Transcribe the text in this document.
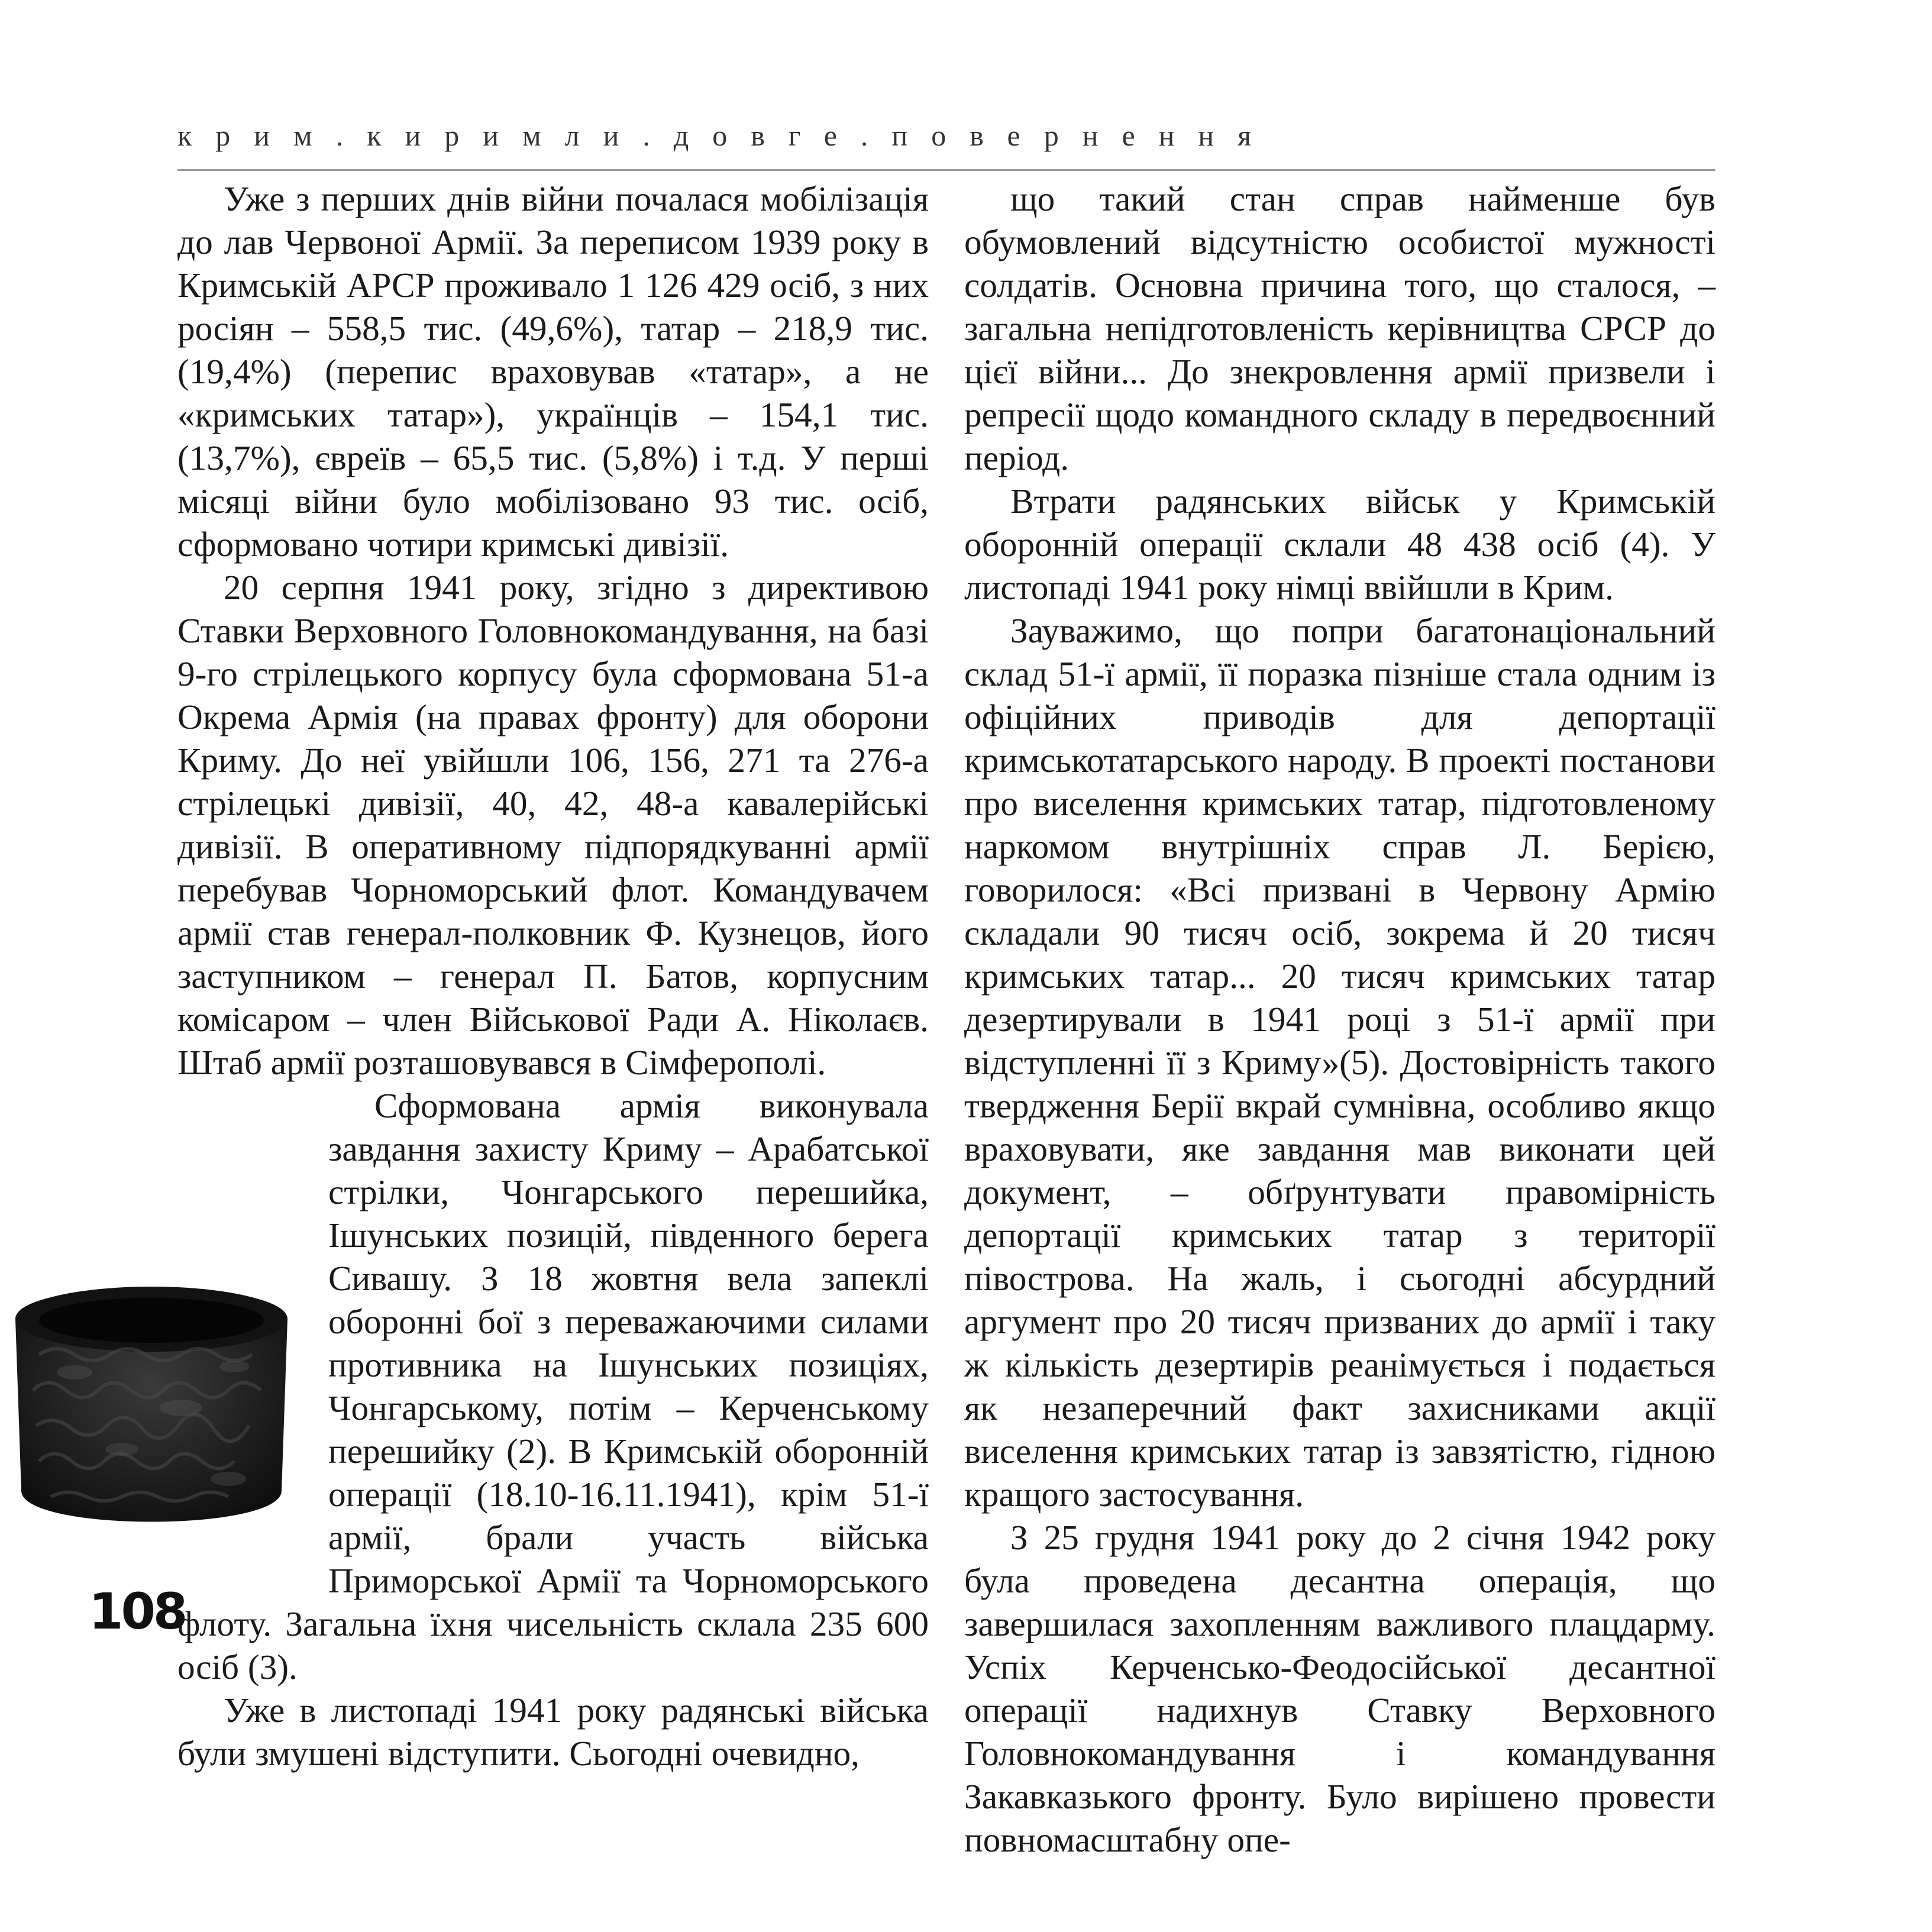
крим.киримли.довге.повернення

Уже з перших днів війни почалася мобілізація до лав Червоної Армії. За переписом 1939 року в Кримській АРСР проживало 1 126 429 осіб, з них росіян – 558,5 тис. (49,6%), татар – 218,9 тис. (19,4%) (перепис враховував «татар», а не «кримських татар»), українців – 154,1 тис. (13,7%), євреїв – 65,5 тис. (5,8%) і т.д. У перші місяці війни було мобілізовано 93 тис. осіб, сформовано чотири кримські дивізії.

20 серпня 1941 року, згідно з директивою Ставки Верховного Головнокомандування, на базі 9-го стрілецького корпусу була сформована 51-а Окрема Армія (на правах фронту) для оборони Криму. До неї увійшли 106, 156, 271 та 276-а стрілецькі дивізії, 40, 42, 48-а кавалерійські дивізії. В оперативному підпорядкуванні армії перебував Чорноморський флот. Командувачем армії став генерал-полковник Ф. Кузнецов, його заступником – генерал П. Батов, корпусним комісаром – член Військової Ради А. Ніколаєв. Штаб армії розташовувався в Сімферополі.

Сформована армія виконувала завдання захисту Криму – Арабатської стрілки, Чонгарського перешийка, Ішунських позицій, південного берега Сивашу. З 18 жовтня вела запеклі оборонні бої з переважаючими силами противника на Ішунських позиціях, Чонгарському, потім – Керченському перешийку (2). В Кримській оборонній операції (18.10-16.11.1941), крім 51-ї армії, брали участь війська Приморської Армії та Чорноморського флоту. Загальна їхня чисельність склала 235 600 осіб (3).

Уже в листопаді 1941 року радянські війська були змушені відступити. Сьогодні очевидно,

що такий стан справ найменше був обумовлений відсутністю особистої мужності солдатів. Основна причина того, що сталося, – загальна непідготовленість керівництва СРСР до цієї війни... До знекровлення армії призвели і репресії щодо командного складу в передвоєнний період.

Втрати радянських військ у Кримській оборонній операції склали 48 438 осіб (4). У листопаді 1941 року німці ввійшли в Крим.

Зауважимо, що попри багатонаціональний склад 51-ї армії, її поразка пізніше стала одним із офіційних приводів для депортації кримськотатарського народу. В проекті постанови про виселення кримських татар, підготовленому наркомом внутрішніх справ Л. Берією, говорилося: «Всі призвані в Червону Армію складали 90 тисяч осіб, зокрема й 20 тисяч кримських татар... 20 тисяч кримських татар дезертирували в 1941 році з 51-ї армії при відступленні її з Криму»(5). Достовірність такого твердження Берії вкрай сумнівна, особливо якщо враховувати, яке завдання мав виконати цей документ, – обґрунтувати правомірність депортації кримських татар з території півострова. На жаль, і сьогодні абсурдний аргумент про 20 тисяч призваних до армії і таку ж кількість дезертирів реанімується і подається як незаперечний факт захисниками акції виселення кримських татар із завзятістю, гідною кращого застосування.

З 25 грудня 1941 року до 2 січня 1942 року була проведена десантна операція, що завершилася захопленням важливого плацдарму. Успіх Керченсько-Феодосійської десантної операції надихнув Ставку Верховного Головнокомандування і командування Закавказького фронту. Було вирішено провести повномасштабну опе-

108
